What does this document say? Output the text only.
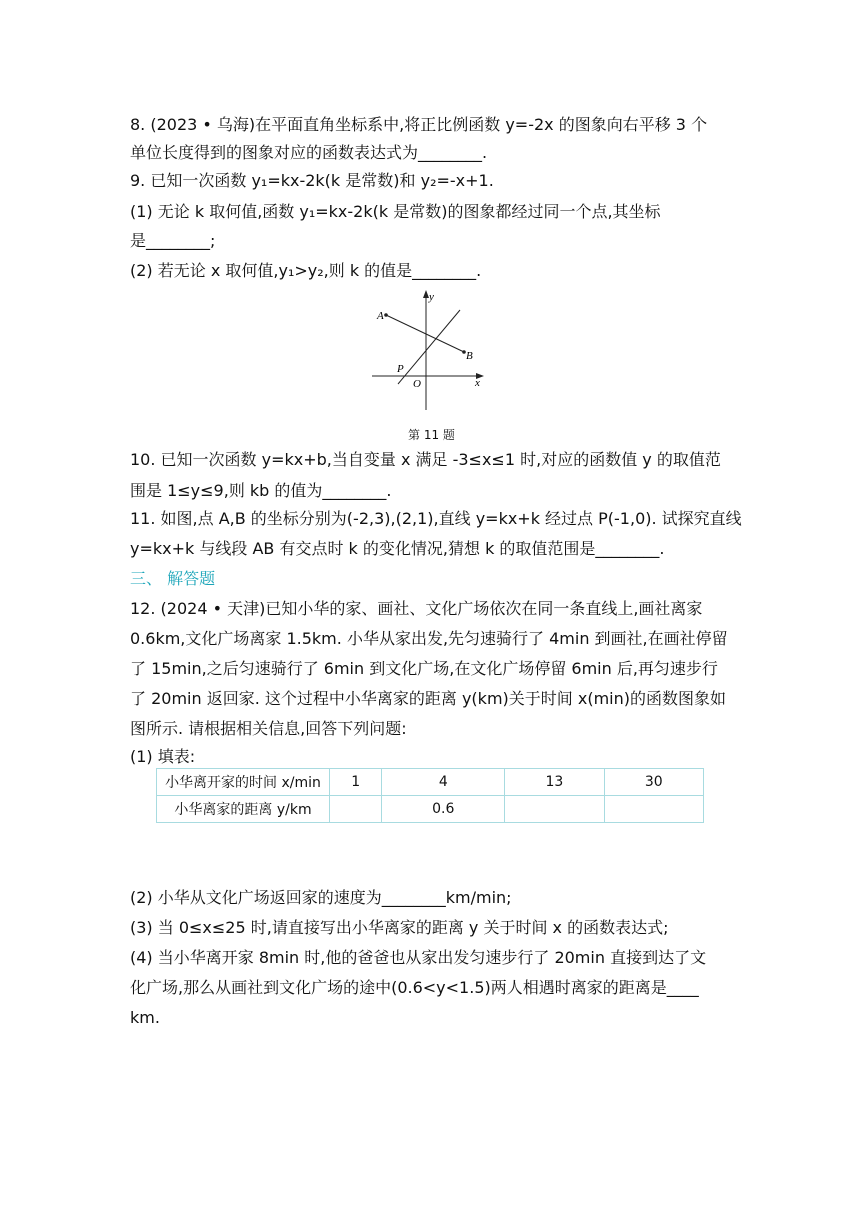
8. (2023 • 乌海)在平面直角坐标系中,将正比例函数 y=-2x 的图象向右平移 3 个
单位长度得到的图象对应的函数表达式为________.
9. 已知一次函数 y₁=kx-2k(k 是常数)和 y₂=-x+1.
(1) 无论 k 取何值,函数 y₁=kx-2k(k 是常数)的图象都经过同一个点,其坐标
是________;
(2) 若无论 x 取何值,y₁>y₂,则 k 的值是________.
A
B
P
O	x
y
第 11 题
10. 已知一次函数 y=kx+b,当自变量 x 满足 -3≤x≤1 时,对应的函数值 y 的取值范
围是 1≤y≤9,则 kb 的值为________.
11. 如图,点 A,B 的坐标分别为(-2,3),(2,1),直线 y=kx+k 经过点 P(-1,0). 试探究直线
y=kx+k 与线段 AB 有交点时 k 的变化情况,猜想 k 的取值范围是________.
三、 解答题
12. (2024 • 天津)已知小华的家、画社、文化广场依次在同一条直线上,画社离家
0.6km,文化广场离家 1.5km. 小华从家出发,先匀速骑行了 4min 到画社,在画社停留
了 15min,之后匀速骑行了 6min 到文化广场,在文化广场停留 6min 后,再匀速步行
了 20min 返回家. 这个过程中小华离家的距离 y(km)关于时间 x(min)的函数图象如
图所示. 请根据相关信息,回答下列问题:
(1) 填表:
小华离开家的时间 x/min	1	4	13	30
小华离家的距离 y/km		0.6		
(2) 小华从文化广场返回家的速度为________km/min;
(3) 当 0≤x≤25 时,请直接写出小华离家的距离 y 关于时间 x 的函数表达式;
(4) 当小华离开家 8min 时,他的爸爸也从家出发匀速步行了 20min 直接到达了文
化广场,那么从画社到文化广场的途中(0.6<y<1.5)两人相遇时离家的距离是____
km.
